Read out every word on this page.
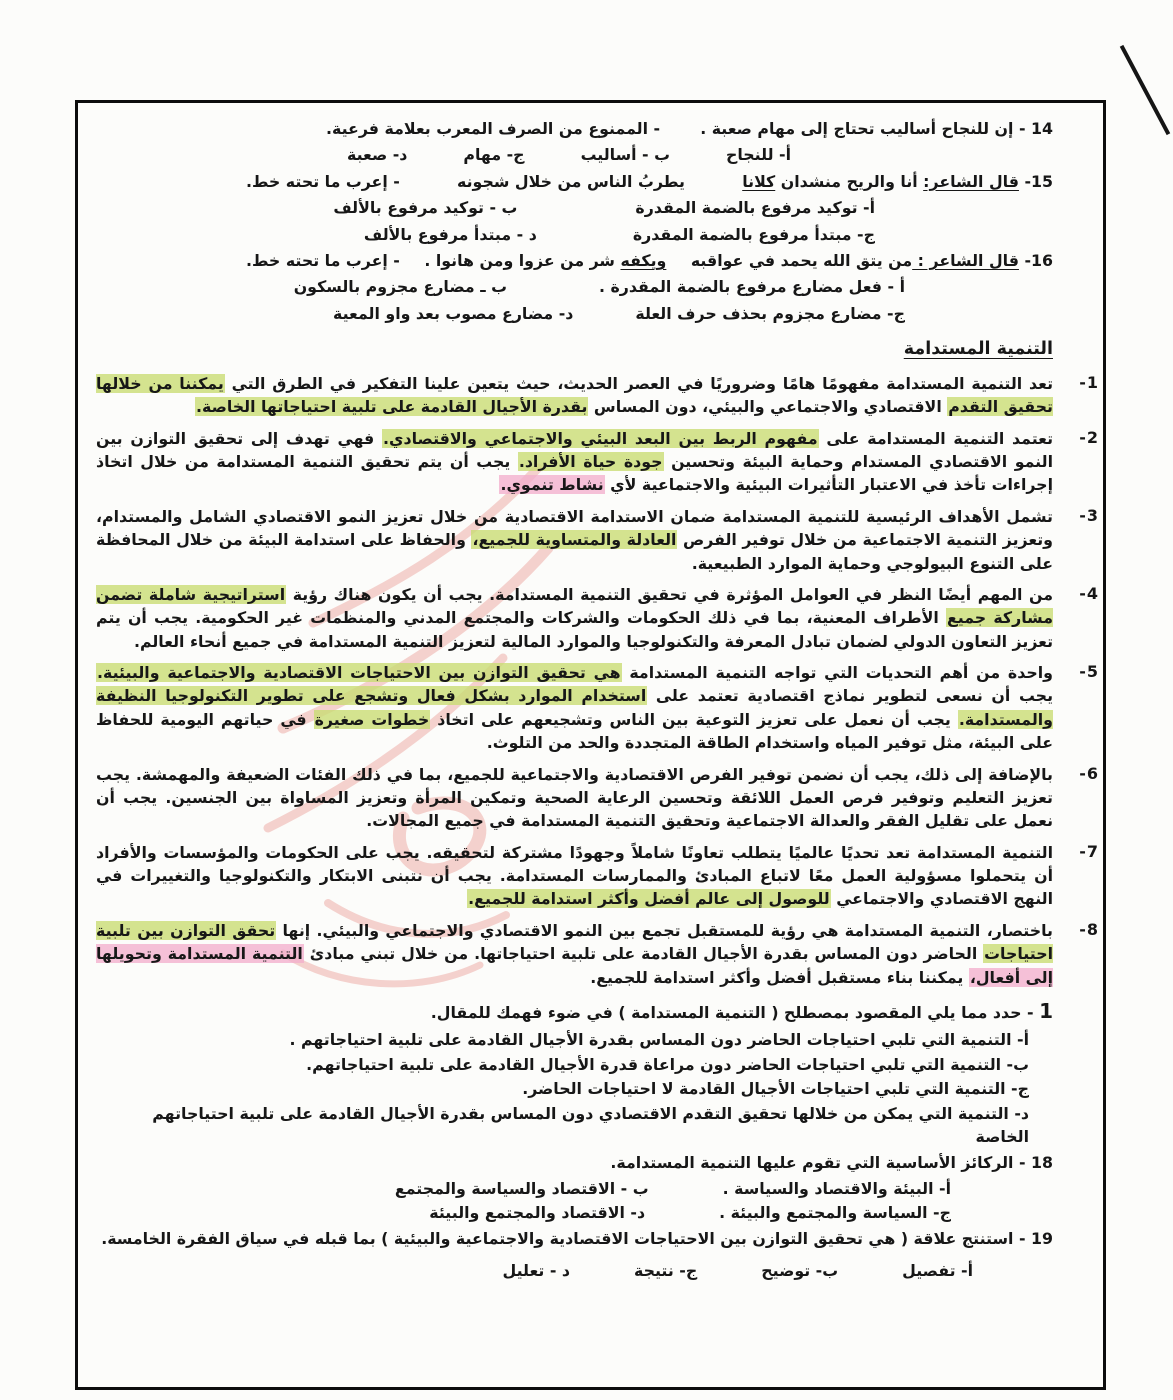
14 - إن للنجاح أساليب تحتاج إلى مهام صعبة .
- الممنوع من الصرف المعرب بعلامة فرعية.
أ- للنجاح
ب - أساليب
ج- مهام
د- صعبة
15- قال الشاعر: أنا والريح منشدان كلانا
يطربُ الناس من خلال شجونه
- إعرب ما تحته خط.
أ- توكيد مرفوع بالضمة المقدرة
ب - توكيد مرفوع بالألف
ج- مبتدأ مرفوع بالضمة المقدرة
د - مبتدأ مرفوع بالألف
16- قال الشاعر : من يتق الله يحمد في عواقبه
ويكفه شر من عزوا ومن هانوا .
- إعرب ما تحته خط.
أ - فعل مضارع مرفوع بالضمة المقدرة .
ب ـ مضارع مجزوم بالسكون
ج- مضارع مجزوم بحذف حرف العلة
د- مضارع مصوب بعد واو المعية
التنمية المستدامة

-1
تعد التنمية المستدامة مفهومًا هامًا وضروريًا في العصر الحديث، حيث يتعين علينا التفكير في الطرق التي يمكننا من خلالها تحقيق التقدم الاقتصادي والاجتماعي والبيئي، دون المساس بقدرة الأجيال القادمة على تلبية احتياجاتها الخاصة.

-2
تعتمد التنمية المستدامة على مفهوم الربط بين البعد البيئي والاجتماعي والاقتصادي. فهي تهدف إلى تحقيق التوازن بين النمو الاقتصادي المستدام وحماية البيئة وتحسين جودة حياة الأفراد. يجب أن يتم تحقيق التنمية المستدامة من خلال اتخاذ إجراءات تأخذ في الاعتبار التأثيرات البيئية والاجتماعية لأي نشاط تنموي.

-3
تشمل الأهداف الرئيسية للتنمية المستدامة ضمان الاستدامة الاقتصادية من خلال تعزيز النمو الاقتصادي الشامل والمستدام، وتعزيز التنمية الاجتماعية من خلال توفير الفرص العادلة والمتساوية للجميع، والحفاظ على استدامة البيئة من خلال المحافظة على التنوع البيولوجي وحماية الموارد الطبيعية.

-4
من المهم أيضًا النظر في العوامل المؤثرة في تحقيق التنمية المستدامة. يجب أن يكون هناك رؤية استراتيجية شاملة تضمن مشاركة جميع الأطراف المعنية، بما في ذلك الحكومات والشركات والمجتمع المدني والمنظمات غير الحكومية. يجب أن يتم تعزيز التعاون الدولي لضمان تبادل المعرفة والتكنولوجيا والموارد المالية لتعزيز التنمية المستدامة في جميع أنحاء العالم.

-5
واحدة من أهم التحديات التي تواجه التنمية المستدامة هي تحقيق التوازن بين الاحتياجات الاقتصادية والاجتماعية والبيئية. يجب أن نسعى لتطوير نماذج اقتصادية تعتمد على استخدام الموارد بشكل فعال وتشجع على تطوير التكنولوجيا النظيفة والمستدامة. يجب أن نعمل على تعزيز التوعية بين الناس وتشجيعهم على اتخاذ خطوات صغيرة في حياتهم اليومية للحفاظ على البيئة، مثل توفير المياه واستخدام الطاقة المتجددة والحد من التلوث.

-6
بالإضافة إلى ذلك، يجب أن نضمن توفير الفرص الاقتصادية والاجتماعية للجميع، بما في ذلك الفئات الضعيفة والمهمشة. يجب تعزيز التعليم وتوفير فرص العمل اللائقة وتحسين الرعاية الصحية وتمكين المرأة وتعزيز المساواة بين الجنسين. يجب أن نعمل على تقليل الفقر والعدالة الاجتماعية وتحقيق التنمية المستدامة في جميع المجالات.

-7
التنمية المستدامة تعد تحديًا عالميًا يتطلب تعاونًا شاملاً وجهودًا مشتركة لتحقيقه. يجب على الحكومات والمؤسسات والأفراد أن يتحملوا مسؤولية العمل معًا لاتباع المبادئ والممارسات المستدامة. يجب أن نتبنى الابتكار والتكنولوجيا والتغييرات في النهج الاقتصادي والاجتماعي للوصول إلى عالم أفضل وأكثر استدامة للجميع.

-8
باختصار، التنمية المستدامة هي رؤية للمستقبل تجمع بين النمو الاقتصادي والاجتماعي والبيئي. إنها تحقق التوازن بين تلبية احتياجات الحاضر دون المساس بقدرة الأجيال القادمة على تلبية احتياجاتها. من خلال تبني مبادئ التنمية المستدامة وتحويلها إلى أفعال، يمكننا بناء مستقبل أفضل وأكثر استدامة للجميع.

1 - حدد مما يلي المقصود بمصطلح ( التنمية المستدامة ) في ضوء فهمك للمقال.
أ- التنمية التي تلبي احتياجات الحاضر دون المساس بقدرة الأجيال القادمة على تلبية احتياجاتهم .
ب- التنمية التي تلبي احتياجات الحاضر دون مراعاة قدرة الأجيال القادمة على تلبية احتياجاتهم.
ج- التنمية التي تلبي احتياجات الأجيال القادمة لا احتياجات الحاضر.
د- التنمية التي يمكن من خلالها تحقيق التقدم الاقتصادي دون المساس بقدرة الأجيال القادمة على تلبية احتياجاتهم الخاصة
18 - الركائز الأساسية التي تقوم عليها التنمية المستدامة.
أ- البيئة والاقتصاد والسياسة .
ب - الاقتصاد والسياسة والمجتمع
ج- السياسة والمجتمع والبيئة .
د- الاقتصاد والمجتمع والبيئة
19 - استنتج علاقة ( هي تحقيق التوازن بين الاحتياجات الاقتصادية والاجتماعية والبيئية ) بما قبله في سياق الفقرة الخامسة.
أ- تفصيل
ب- توضيح
ج- نتيجة
د - تعليل
